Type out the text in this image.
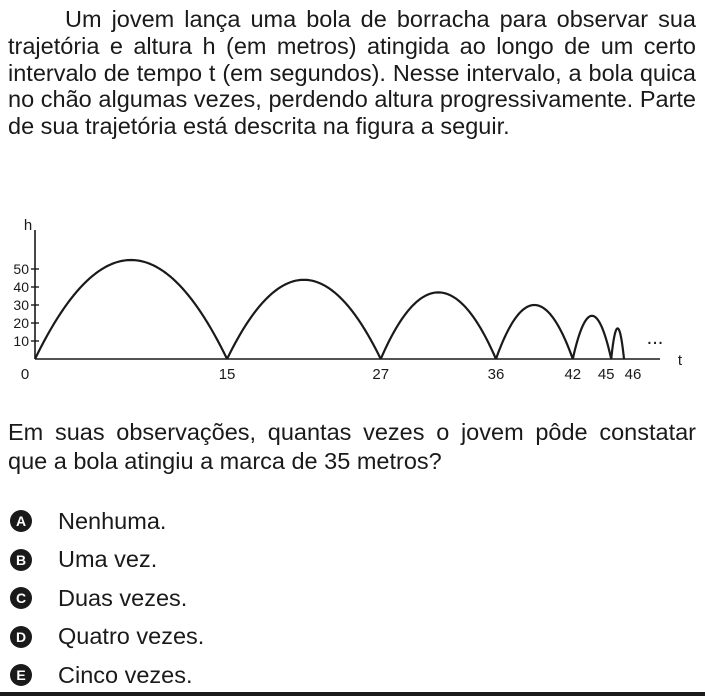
Um jovem lança uma bola de borracha para observar sua trajetória e altura h (em metros) atingida ao longo de um certo intervalo de tempo t (em segundos). Nesse intervalo, a bola quica no chão algumas vezes, perdendo altura progressivamente. Parte de sua trajetória está descrita na figura a seguir.

h
t
0
10
20
30
40
50
15	27	36	42 45 46
...

Em suas observações, quantas vezes o jovem pôde constatar que a bola atingiu a marca de 35 metros?

A Nenhuma.
B Uma vez.
C Duas vezes.
D Quatro vezes.
E Cinco vezes.
